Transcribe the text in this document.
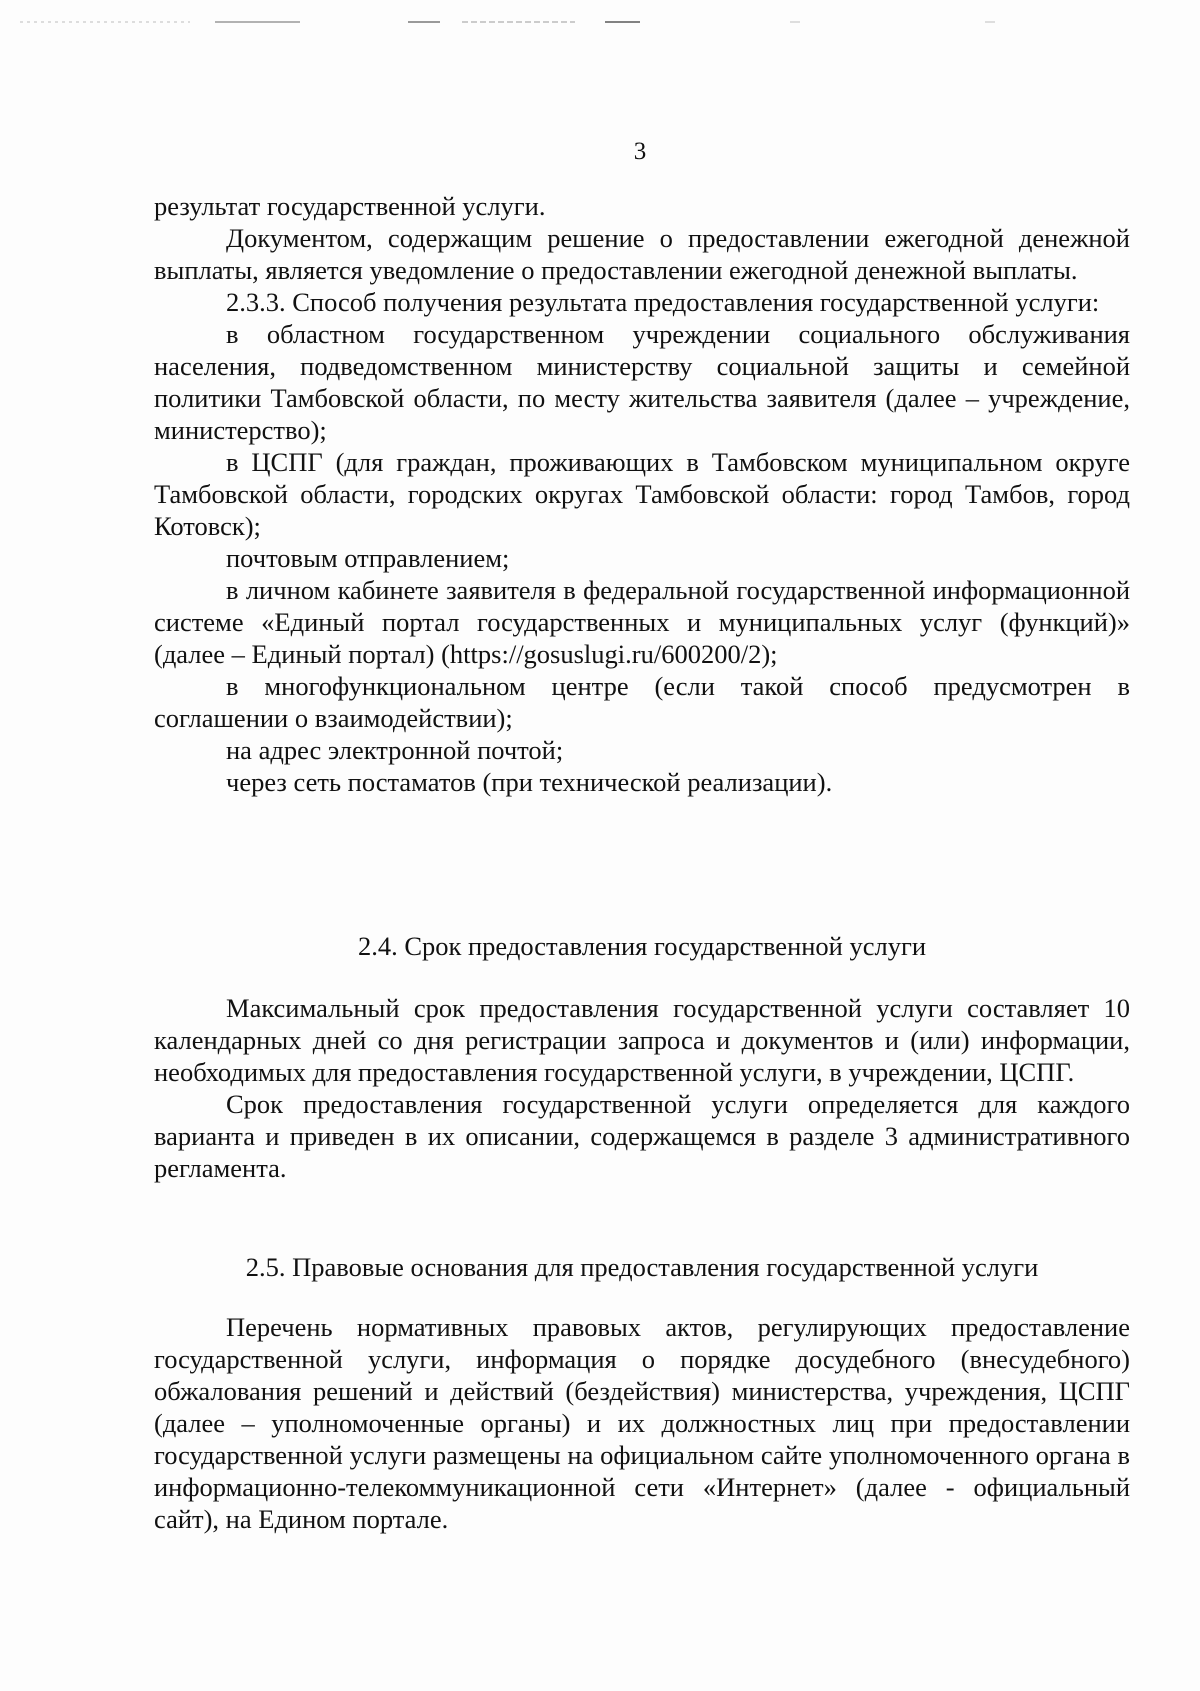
3

результат государственной услуги.

Документом, содержащим решение о предоставлении ежегодной денежной выплаты, является уведомление о предоставлении ежегодной денежной выплаты.

2.3.3. Способ получения результата предоставления государственной услуги:

в областном государственном учреждении социального обслуживания населения, подведомственном министерству социальной защиты и семейной политики Тамбовской области, по месту жительства заявителя (далее – учреждение, министерство);

в ЦСПГ (для граждан, проживающих в Тамбовском муниципальном округе Тамбовской области, городских округах Тамбовской области: город Тамбов, город Котовск);

почтовым отправлением;

в личном кабинете заявителя в федеральной государственной информационной системе «Единый портал государственных и муниципальных услуг (функций)» (далее – Единый портал) (https://gosuslugi.ru/600200/2);

в многофункциональном центре (если такой способ предусмотрен в соглашении о взаимодействии);

на адрес электронной почтой;

через сеть постаматов (при технической реализации).

2.4. Срок предоставления государственной услуги

Максимальный срок предоставления государственной услуги составляет 10 календарных дней со дня регистрации запроса и документов и (или) информации, необходимых для предоставления государственной услуги, в учреждении, ЦСПГ.

Срок предоставления государственной услуги определяется для каждого варианта и приведен в их описании, содержащемся в разделе 3 административного регламента.

2.5. Правовые основания для предоставления государственной услуги

Перечень нормативных правовых актов, регулирующих предоставление государственной услуги, информация о порядке досудебного (внесудебного) обжалования решений и действий (бездействия) министерства, учреждения, ЦСПГ (далее – уполномоченные органы) и их должностных лиц при предоставлении государственной услуги размещены на официальном сайте уполномоченного органа в информационно-телекоммуникационной сети «Интернет» (далее - официальный сайт), на Едином портале.
